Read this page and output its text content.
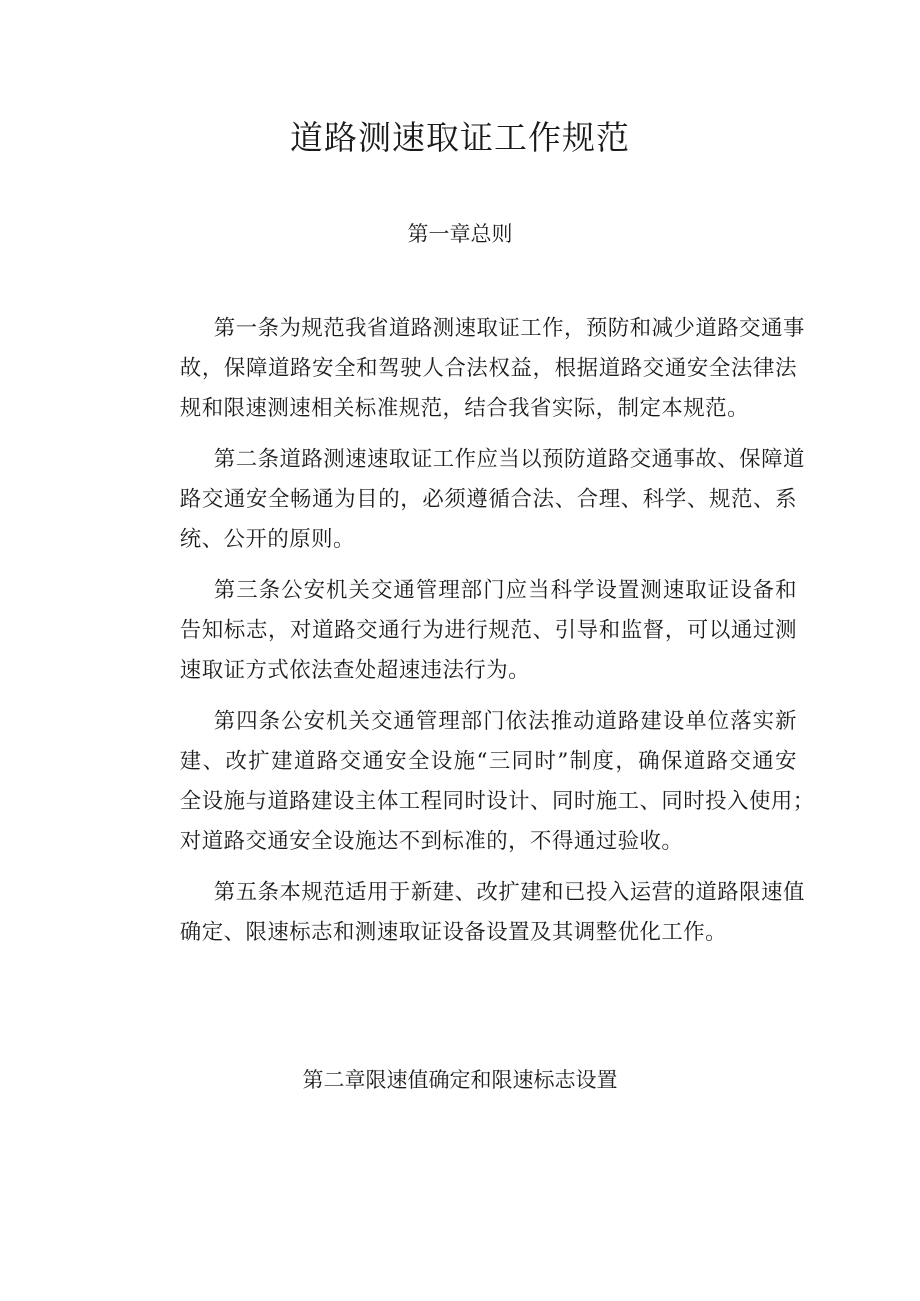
道路测速取证工作规范
第一章总则

第一条为规范我省道路测速取证工作，预防和减少道路交通事
故，保障道路安全和驾驶人合法权益，根据道路交通安全法律法
规和限速测速相关标准规范，结合我省实际，制定本规范。

第二条道路测速速取证工作应当以预防道路交通事故、保障道
路交通安全畅通为目的，必须遵循合法、合理、科学、规范、系
统、公开的原则。

第三条公安机关交通管理部门应当科学设置测速取证设备和
告知标志，对道路交通行为进行规范、引导和监督，可以通过测
速取证方式依法查处超速违法行为。

第四条公安机关交通管理部门依法推动道路建设单位落实新
建、改扩建道路交通安全设施“三同时”制度，确保道路交通安
全设施与道路建设主体工程同时设计、同时施工、同时投入使用；
对道路交通安全设施达不到标准的，不得通过验收。

第五条本规范适用于新建、改扩建和已投入运营的道路限速值
确定、限速标志和测速取证设备设置及其调整优化工作。

第二章限速值确定和限速标志设置
